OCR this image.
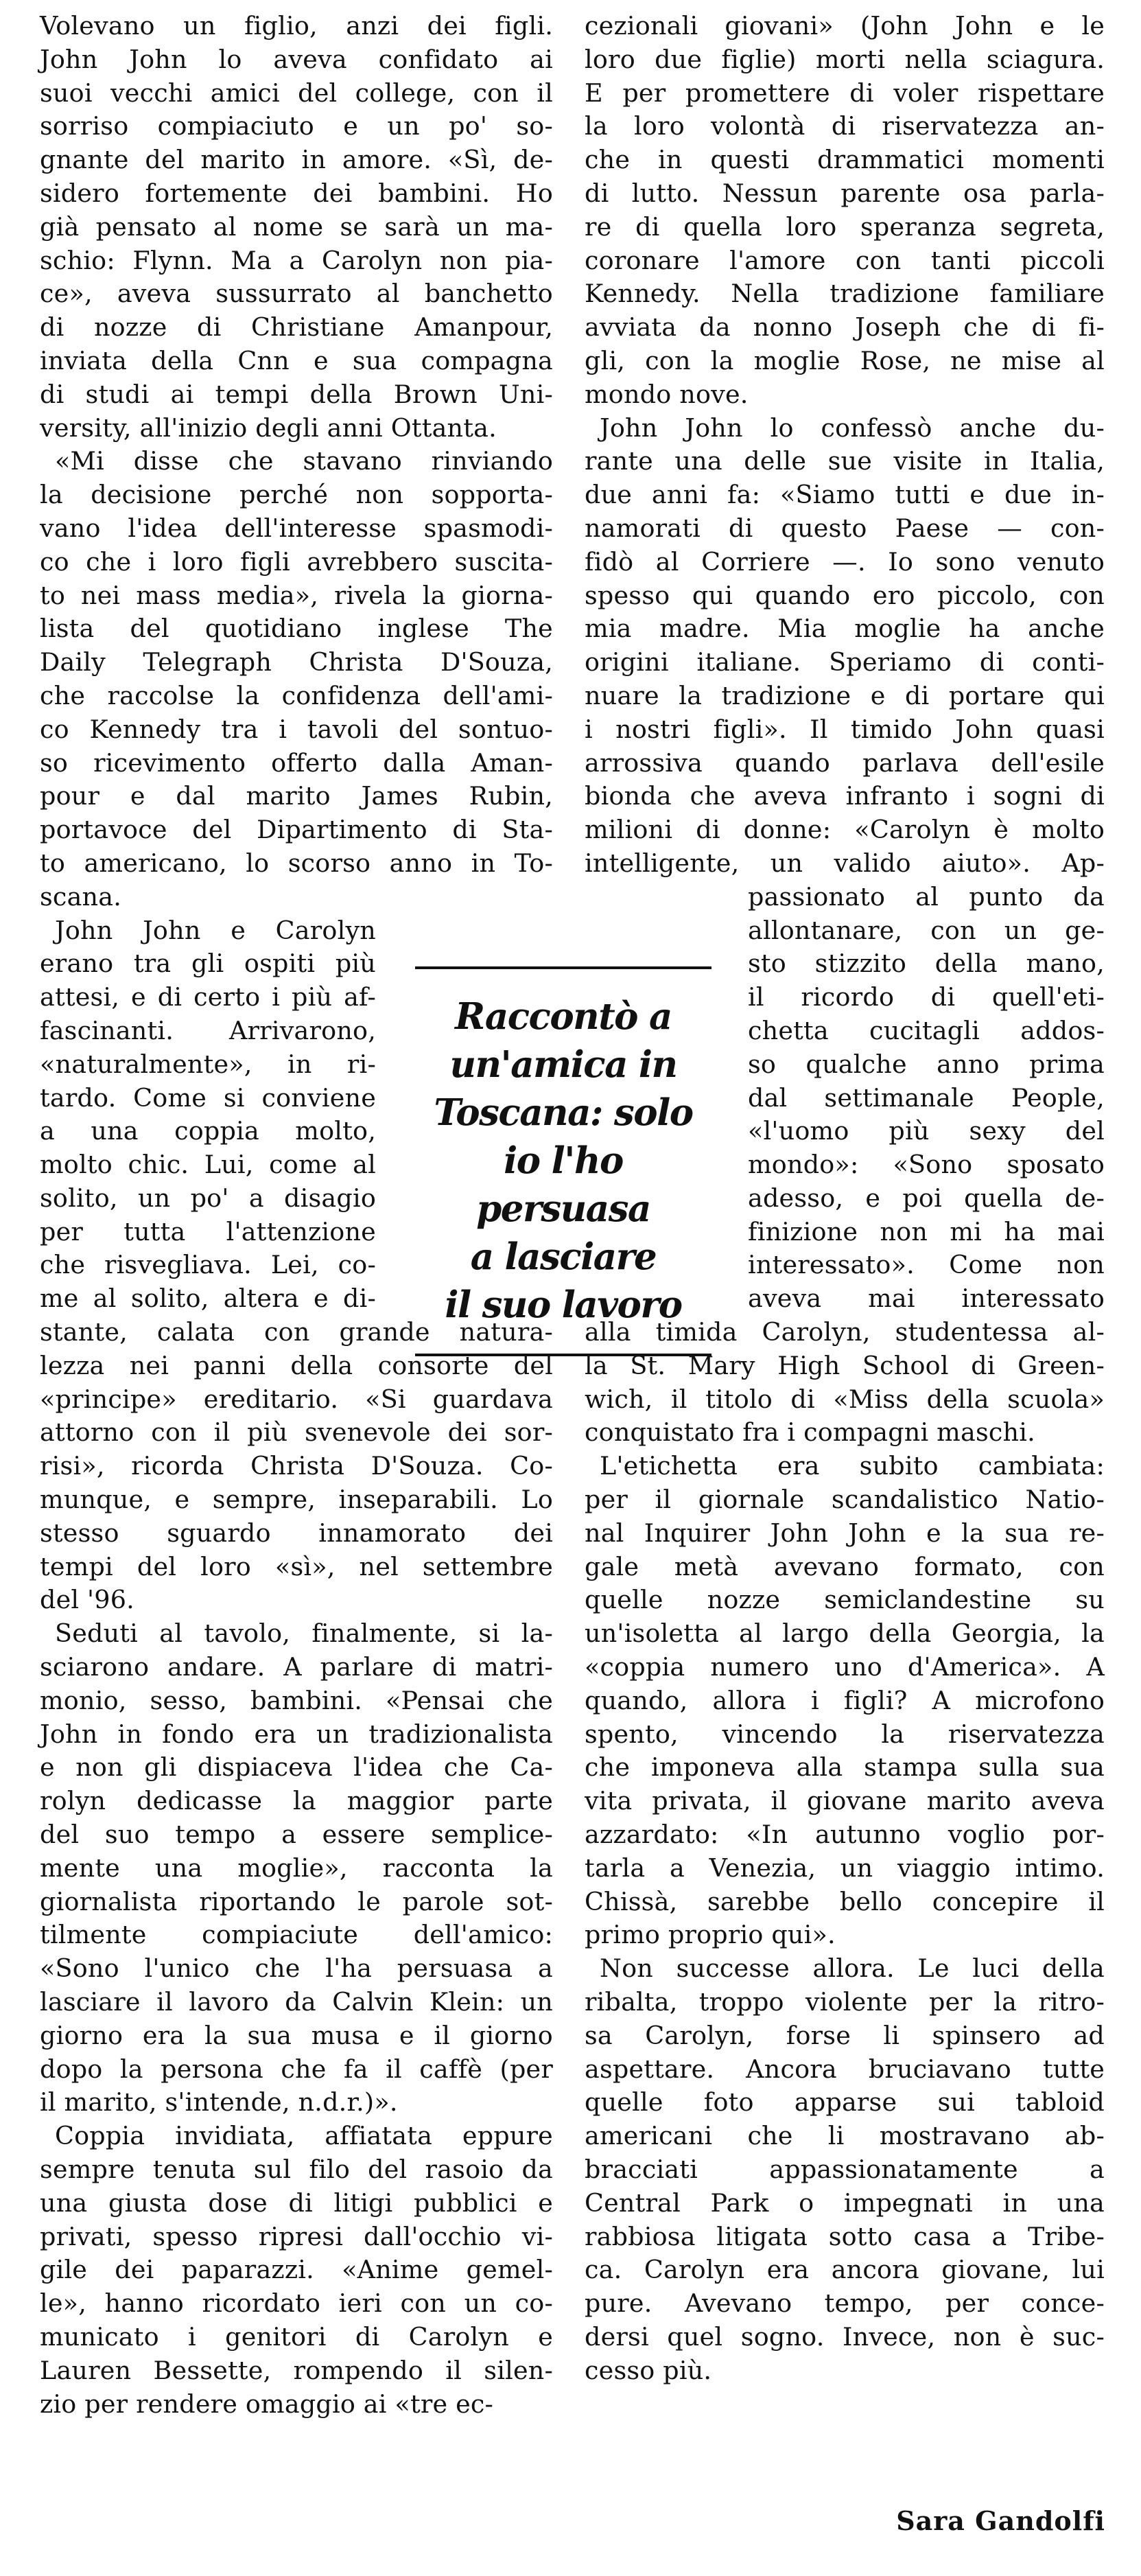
Volevano un figlio, anzi dei figli.
John John lo aveva confidato ai
suoi vecchi amici del college, con il
sorriso compiaciuto e un po' so-
gnante del marito in amore. «Sì, de-
sidero fortemente dei bambini. Ho
già pensato al nome se sarà un ma-
schio: Flynn. Ma a Carolyn non pia-
ce», aveva sussurrato al banchetto
di nozze di Christiane Amanpour,
inviata della Cnn e sua compagna
di studi ai tempi della Brown Uni-
versity, all'inizio degli anni Ottanta.
«Mi disse che stavano rinviando
la decisione perché non sopporta-
vano l'idea dell'interesse spasmodi-
co che i loro figli avrebbero suscita-
to nei mass media», rivela la giorna-
lista del quotidiano inglese The
Daily Telegraph Christa D'Souza,
che raccolse la confidenza dell'ami-
co Kennedy tra i tavoli del sontuo-
so ricevimento offerto dalla Aman-
pour e dal marito James Rubin,
portavoce del Dipartimento di Sta-
to americano, lo scorso anno in To-
scana.
John John e Carolyn
erano tra gli ospiti più
attesi, e di certo i più af-
fascinanti. Arrivarono,
«naturalmente», in ri-
tardo. Come si conviene
a una coppia molto,
molto chic. Lui, come al
solito, un po' a disagio
per tutta l'attenzione
che risvegliava. Lei, co-
me al solito, altera e di-
stante, calata con grande natura-
lezza nei panni della consorte del
«principe» ereditario. «Si guardava
attorno con il più svenevole dei sor-
risi», ricorda Christa D'Souza. Co-
munque, e sempre, inseparabili. Lo
stesso sguardo innamorato dei
tempi del loro «sì», nel settembre
del '96.
Seduti al tavolo, finalmente, si la-
sciarono andare. A parlare di matri-
monio, sesso, bambini. «Pensai che
John in fondo era un tradizionalista
e non gli dispiaceva l'idea che Ca-
rolyn dedicasse la maggior parte
del suo tempo a essere semplice-
mente una moglie», racconta la
giornalista riportando le parole sot-
tilmente compiaciute dell'amico:
«Sono l'unico che l'ha persuasa a
lasciare il lavoro da Calvin Klein: un
giorno era la sua musa e il giorno
dopo la persona che fa il caffè (per
il marito, s'intende, n.d.r.)».
Coppia invidiata, affiatata eppure
sempre tenuta sul filo del rasoio da
una giusta dose di litigi pubblici e
privati, spesso ripresi dall'occhio vi-
gile dei paparazzi. «Anime gemel-
le», hanno ricordato ieri con un co-
municato i genitori di Carolyn e
Lauren Bessette, rompendo il silen-
zio per rendere omaggio ai «tre ec-
cezionali giovani» (John John e le
loro due figlie) morti nella sciagura.
E per promettere di voler rispettare
la loro volontà di riservatezza an-
che in questi drammatici momenti
di lutto. Nessun parente osa parla-
re di quella loro speranza segreta,
coronare l'amore con tanti piccoli
Kennedy. Nella tradizione familiare
avviata da nonno Joseph che di fi-
gli, con la moglie Rose, ne mise al
mondo nove.
John John lo confessò anche du-
rante una delle sue visite in Italia,
due anni fa: «Siamo tutti e due in-
namorati di questo Paese — con-
fidò al Corriere —. Io sono venuto
spesso qui quando ero piccolo, con
mia madre. Mia moglie ha anche
origini italiane. Speriamo di conti-
nuare la tradizione e di portare qui
i nostri figli». Il timido John quasi
arrossiva quando parlava dell'esile
bionda che aveva infranto i sogni di
milioni di donne: «Carolyn è molto
intelligente, un valido aiuto». Ap-
passionato al punto da
allontanare, con un ge-
sto stizzito della mano,
il ricordo di quell'eti-
chetta cucitagli addos-
so qualche anno prima
dal settimanale People,
«l'uomo più sexy del
mondo»: «Sono sposato
adesso, e poi quella de-
finizione non mi ha mai
interessato». Come non
aveva mai interessato
alla timida Carolyn, studentessa al-
la St. Mary High School di Green-
wich, il titolo di «Miss della scuola»
conquistato fra i compagni maschi.
L'etichetta era subito cambiata:
per il giornale scandalistico Natio-
nal Inquirer John John e la sua re-
gale metà avevano formato, con
quelle nozze semiclandestine su
un'isoletta al largo della Georgia, la
«coppia numero uno d'America». A
quando, allora i figli? A microfono
spento, vincendo la riservatezza
che imponeva alla stampa sulla sua
vita privata, il giovane marito aveva
azzardato: «In autunno voglio por-
tarla a Venezia, un viaggio intimo.
Chissà, sarebbe bello concepire il
primo proprio qui».
Non successe allora. Le luci della
ribalta, troppo violente per la ritro-
sa Carolyn, forse li spinsero ad
aspettare. Ancora bruciavano tutte
quelle foto apparse sui tabloid
americani che li mostravano ab-
bracciati appassionatamente a
Central Park o impegnati in una
rabbiosa litigata sotto casa a Tribe-
ca. Carolyn era ancora giovane, lui
pure. Avevano tempo, per conce-
dersi quel sogno. Invece, non è suc-
cesso più.
Raccontò a
un'amica in
Toscana: solo
io l'ho persuasa
a lasciare
il suo lavoro
Sara Gandolfi
